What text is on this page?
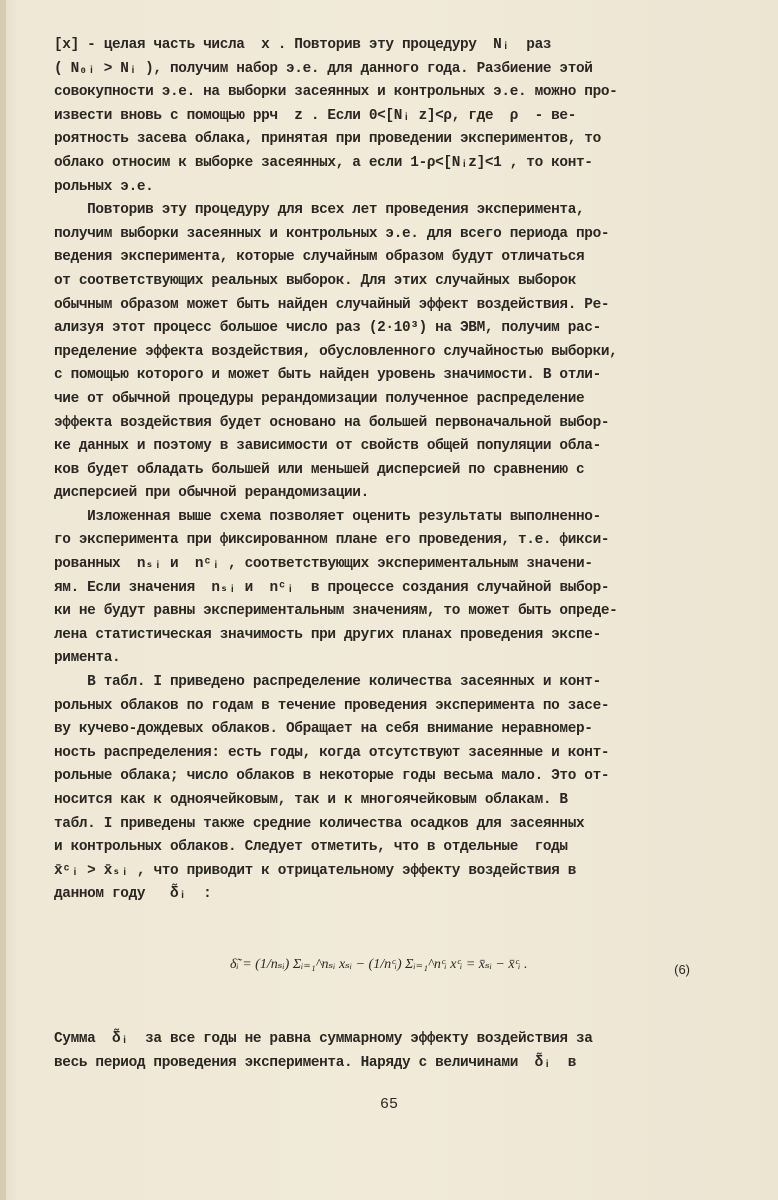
[x] - целая часть числа  x . Повторив эту процедуру  Nᵢ  раз
( N₀ᵢ > Nᵢ ), получим набор э.е. для данного года. Разбиение этой
совокупности э.е. на выборки засеянных и контрольных э.е. можно про-
извести вновь с помощью ррч  z . Если 0<[Nᵢ z]<ρ, где  ρ  - ве-
роятность засева облака, принятая при проведении экспериментов, то
облако относим к выборке засеянных, а если 1-ρ<[Nᵢz]<1 , то конт-
рольных э.е.
Повторив эту процедуру для всех лет проведения эксперимента,
получим выборки засеянных и контрольных э.е. для всего периода про-
ведения эксперимента, которые случайным образом будут отличаться
от соответствующих реальных выборок. Для этих случайных выборок
обычным образом может быть найден случайный эффект воздействия. Ре-
ализуя этот процесс большое число раз (2·10³) на ЭВМ, получим рас-
пределение эффекта воздействия, обусловленного случайностью выборки,
с помощью которого и может быть найден уровень значимости. В отли-
чие от обычной процедуры рерандомизации полученное распределение
эффекта воздействия будет основано на большей первоначальной выбор-
ке данных и поэтому в зависимости от свойств общей популяции обла-
ков будет обладать большей или меньшей дисперсией по сравнению с
дисперсией при обычной рерандомизации.
Изложенная выше схема позволяет оценить результаты выполненно-
го эксперимента при фиксированном плане его проведения, т.е. фикси-
рованных  nₛᵢ и  nᶜᵢ , соответствующих экспериментальным значени-
ям. Если значения  nₛᵢ и  nᶜᵢ  в процессе создания случайной выбор-
ки не будут равны экспериментальным значениям, то может быть опреде-
лена статистическая значимость при других планах проведения экспе-
римента.
В табл. I приведено распределение количества засеянных и конт-
рольных облаков по годам в течение проведения эксперимента по засе-
ву кучево-дождевых облаков. Обращает на себя внимание неравномер-
ность распределения: есть годы, когда отсутствуют засеянные и конт-
рольные облака; число облаков в некоторые годы весьма мало. Это от-
носится как к одноячейковым, так и к многоячейковым облакам. В
табл. I приведены также средние количества осадков для засеянных
и контрольных облаков. Следует отметить, что в отдельные  годы
x̄ᶜᵢ > x̄ₛᵢ , что приводит к отрицательному эффекту воздействия в
данном году   δ̃ᵢ  :
δ̃ᵢ = (1/nₛᵢ) Σᵢ₌₁^nₛᵢ xₛᵢ − (1/nᶜᵢ) Σᵢ₌₁^nᶜᵢ xᶜᵢ = x̄ₛᵢ − x̄ᶜᵢ .	(6)
Сумма  δ̃ᵢ  за все годы не равна суммарному эффекту воздействия за
весь период проведения эксперимента. Наряду с величинами  δ̃ᵢ  в
65
